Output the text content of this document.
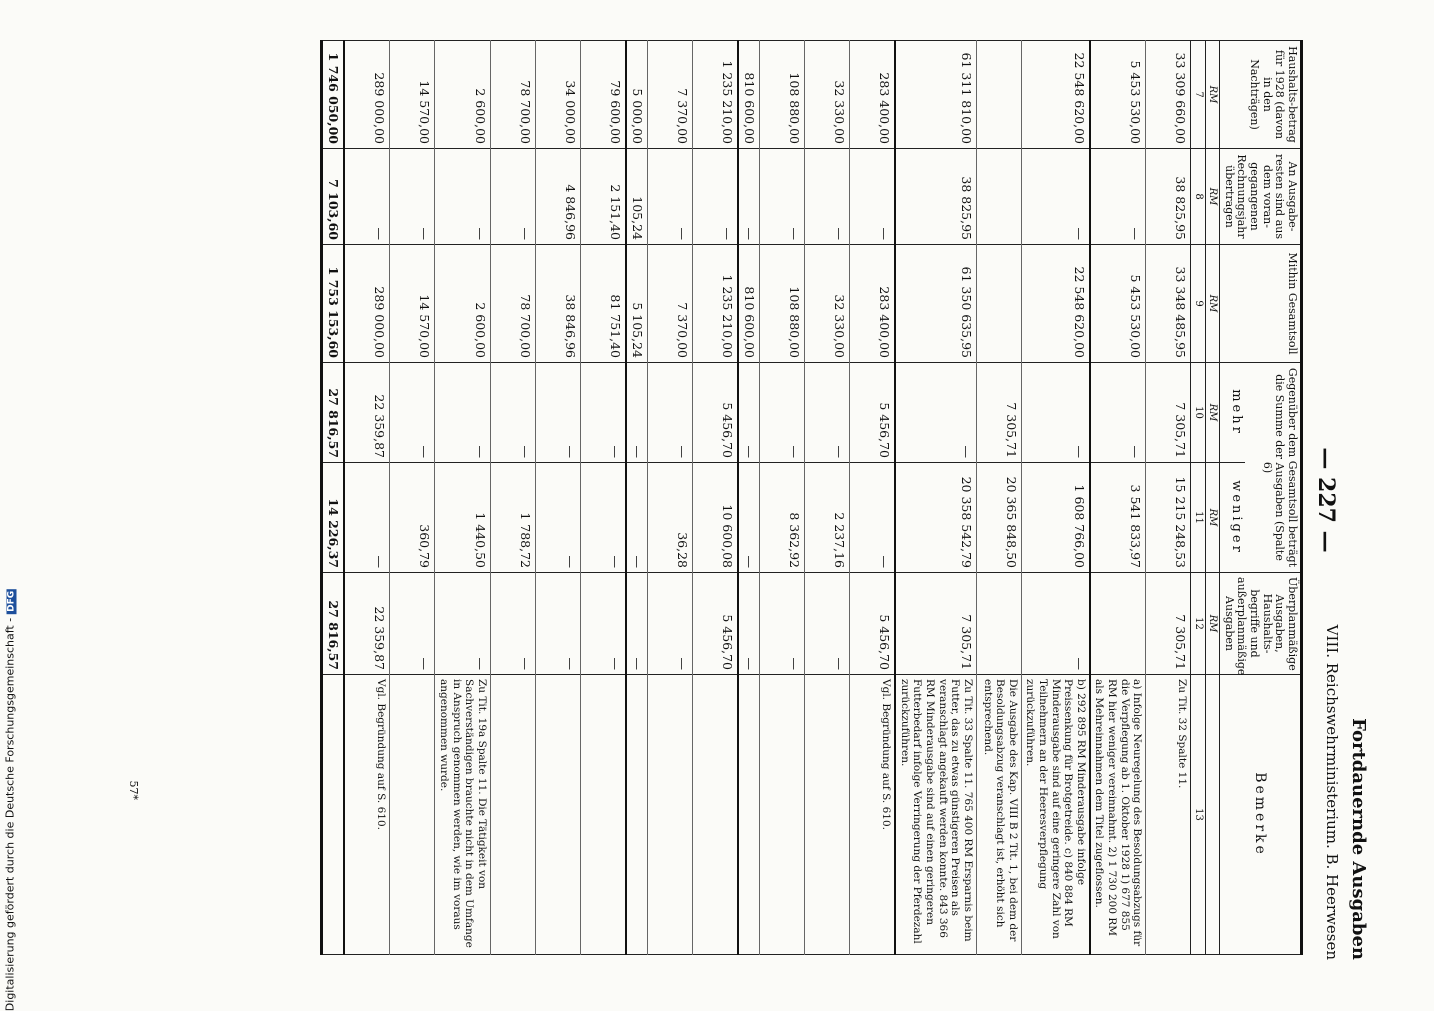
Digitalisierung gefördert durch die Deutsche Forschungsgemeinschaft -DFG
— 227 —
Fortdauernde Ausgaben
VIII. Reichswehrministerium. B. Heerwesen
Haushalts-betrag für 1928 (davon in den Nachträgen)	An Ausgabe-resten sind aus dem voran-gegangenen Rechnungsjahr übertragen	Mithin Gesamtsoll	Gegenüber dem Gesamtsoll beträgt die Summe der Ausgaben (Spalte 6)		Überplanmäßige Ausgaben, Haushalts-begriffe und außerplanmäßige Ausgaben	Bemerke
			mehr	weniger		
RM	RM	RM	RM	RM	RM	
7	8	9	10	11	12	13
33 309 660,00	38 825,95	33 348 485,95	7 305,71	15 215 248,53	7 305,71	Zu Tit. 32 Spalte 11.
5 453 530,00	—	5 453 530,00	—	3 541 833,97		a) Infolge Neuregelung des Besoldungsabzugs für die Verpflegung ab 1. Oktober 1928 1) 677 855 RM hier weniger vereinnahmt. 2) 1 730 200 RM als Mehreinnahmen dem Titel zugeflossen.
22 548 620,00	—	22 548 620,00	—	1 608 766,00	—	b) 292 895 RM Minderausgabe infolge Preissenkung für Brotgetreide. c) 840 884 RM Minderausgabe sind auf eine geringere Zahl von Teilnehmern an der Heeresverpflegung zurückzuführen.
			7 305,71	20 365 848,50		Die Ausgabe des Kap. VIII B 2 Tit. 1, bei dem der Besoldungsabzug veranschlagt ist, erhöht sich entsprechend.
61 311 810,00	38 825,95	61 350 635,95	—	20 358 542,79	7 305,71	Zu Tit. 33 Spalte 11. 765 400 RM Ersparnis beim Futter, das zu etwas günstigeren Preisen als veranschlagt angekauft werden konnte. 843 366 RM Minderausgabe sind auf einen geringeren Futterbedarf infolge Verringerung der Pferdezahl zurückzuführen.
283 400,00	—	283 400,00	5 456,70	—	5 456,70	Vgl. Begründung auf S. 610.
32 330,00	—	32 330,00	—	2 237,16	—	
108 880,00	—	108 880,00	—	8 362,92	—	
810 600,00	—	810 600,00	—	—	—	
1 235 210,00	—	1 235 210,00	5 456,70	10 600,08	5 456,70	
7 370,00	—	7 370,00	—	36,28	—	
5 000,00	105,24	5 105,24	—	—	—	
79 600,00	2 151,40	81 751,40	—	—	—	
34 000,00	4 846,96	38 846,96	—	—	—	
78 700,00	—	78 700,00	—	1 788,72	—	
2 600,00	—	2 600,00	—	1 440,50	—	Zu Tit. 19a Spalte 11. Die Tätigkeit von Sachverständigen brauchte nicht in dem Umfange in Anspruch genommen werden, wie im voraus angenommen wurde.
14 570,00	—	14 570,00	—	360,79	—	
289 000,00	—	289 000,00	22 359,87	—	22 359,87	Vgl. Begründung auf S. 610.
1 746 050,00	7 103,60	1 753 153,60	27 816,57	14 226,37	27 816,57	
57*
